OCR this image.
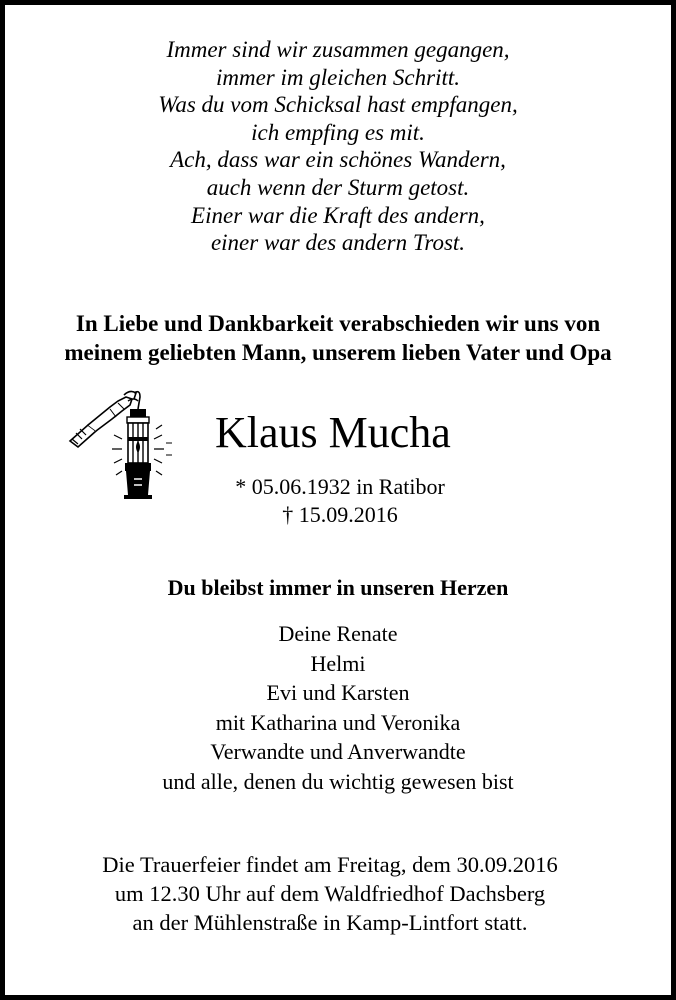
Immer sind wir zusammen gegangen,
immer im gleichen Schritt.
Was du vom Schicksal hast empfangen,
ich empfing es mit.
Ach, dass war ein schönes Wandern,
auch wenn der Sturm getost.
Einer war die Kraft des andern,
einer war des andern Trost.
In Liebe und Dankbarkeit verabschieden wir uns von
meinem geliebten Mann, unserem lieben Vater und Opa
Klaus Mucha
* 05.06.1932 in Ratibor
† 15.09.2016
Du bleibst immer in unseren Herzen
Deine Renate
Helmi
Evi und Karsten
mit Katharina und Veronika
Verwandte und Anverwandte
und alle, denen du wichtig gewesen bist
Die Trauerfeier findet am Freitag, dem 30.09.2016
um 12.30 Uhr auf dem Waldfriedhof Dachsberg
an der Mühlenstraße in Kamp-Lintfort statt.
